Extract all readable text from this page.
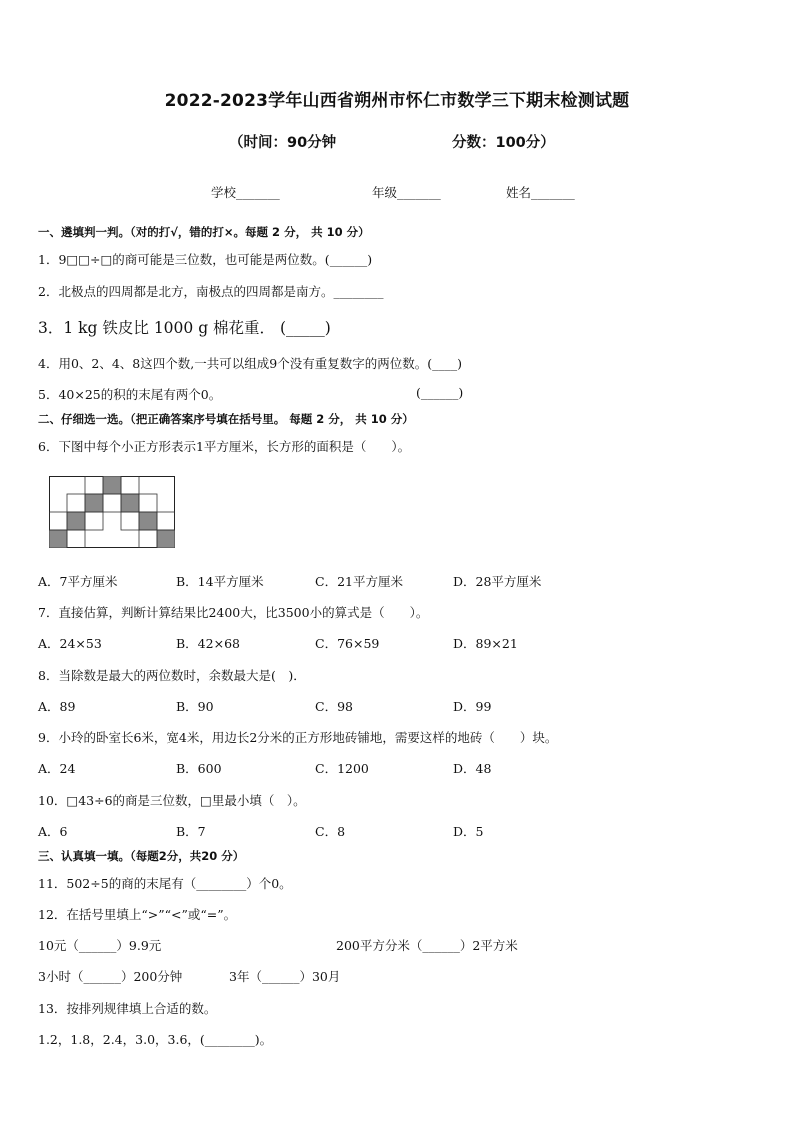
2022-2023学年山西省朔州市怀仁市数学三下期末检测试题
（时间：90分钟	分数：100分）
学校_______	年级_______	姓名_______
一、遴填判一判。（对的打√，错的打×。每题 2 分， 共 10 分）
1．9□□÷□的商可能是三位数，也可能是两位数。(______)
2．北极点的四周都是北方，南极点的四周都是南方。________
3．1 kg 铁皮比 1000 g 棉花重． (_____)
4．用0、2、4、8这四个数,一共可以组成9个没有重复数字的两位数。(____)
5．40×25的积的末尾有两个0。	(______)
二、仔细选一选。（把正确答案序号填在括号里。 每题 2 分， 共 10 分）
6．下图中每个小正方形表示1平方厘米，长方形的面积是（　　）。
A．7平方厘米	B．14平方厘米	C．21平方厘米	D．28平方厘米
7．直接估算，判断计算结果比2400大，比3500小的算式是（　　）。
A．24×53	B．42×68	C．76×59	D．89×21
8．当除数是最大的两位数时，余数最大是(　)．
A．89	B．90	C．98	D．99
9．小玲的卧室长6米，宽4米，用边长2分米的正方形地砖铺地，需要这样的地砖（　　）块。
A．24	B．600	C．1200	D．48
10．□43÷6的商是三位数，□里最小填（　）。
A．6	B．7	C．8	D．5
三、认真填一填。（每题2分，共20 分）
11．502÷5的商的末尾有（________）个0。
12．在括号里填上“>”“<”或“=”。
10元（______）9.9元	200平方分米（______）2平方米
3小时（______）200分钟	3年（______）30月
13．按排列规律填上合适的数。
1.2，1.8，2.4，3.0，3.6，(________)。
